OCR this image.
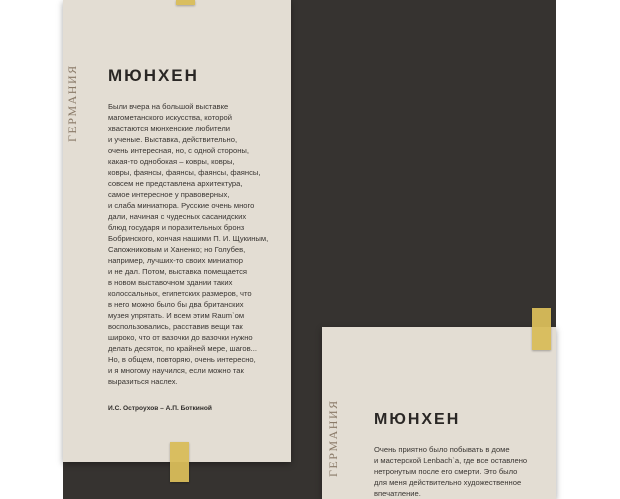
ГЕРМАНИЯ МЮНХЕН
Были вчера на большой выставке
магометанского искусства, которой
хвастаются мюнхенские любители
и ученые. Выставка, действительно,
очень интересная, но, с одной стороны,
какая-то однобокая – ковры, ковры,
ковры, фаянсы, фаянсы, фаянсы, фаянсы,
совсем не представлена архитектура,
самое интересное у правоверных,
и слаба миниатюра. Русские очень много
дали, начиная с чудесных сасанидских
блюд государя и поразительных бронз
Бобринского, кончая нашими П. И. Щукиным,
Сапожниковым и Ханенко; но Голубев,
например, лучших-то своих миниатюр
и не дал. Потом, выставка помещается
в новом выставочном здании таких
колоссальных, египетских размеров, что
в него можно было бы два британских
музея упрятать. И всем этим Raum`ом
воспользовались, расставив вещи так
широко, что от вазочки до вазочки нужно
делать десяток, по крайней мере, шагов...
Но, в общем, повторяю, очень интересно,
и я многому научился, если можно так
выразиться наслех.
И.С. Остроухов – А.П. Боткиной	ГЕРМАНИЯ МЮНХЕН
Очень приятно было побывать в доме
и мастерской Lenbach`a, где все оставлено
нетронутым после его смерти. Это было
для меня действительно художественное
впечатление.
